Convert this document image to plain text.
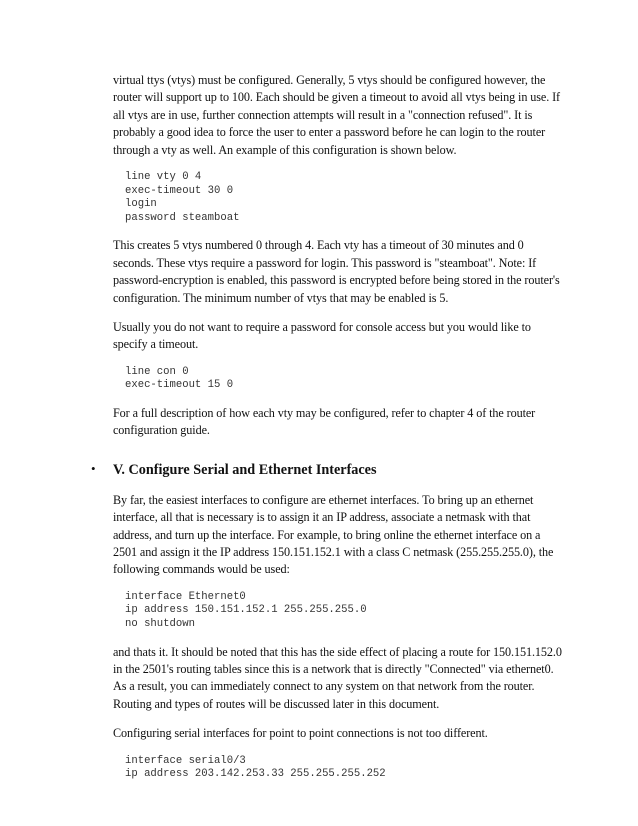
virtual ttys (vtys) must be configured. Generally, 5 vtys should be configured however, the router will support up to 100. Each should be given a timeout to avoid all vtys being in use. If all vtys are in use, further connection attempts will result in a "connection refused". It is probably a good idea to force the user to enter a password before he can login to the router through a vty as well. An example of this configuration is shown below.

line vty 0 4
exec-timeout 30 0
login
password steamboat

This creates 5 vtys numbered 0 through 4. Each vty has a timeout of 30 minutes and 0 seconds. These vtys require a password for login. This password is "steamboat". Note: If password-encryption is enabled, this password is encrypted before being stored in the router's configuration. The minimum number of vtys that may be enabled is 5.

Usually you do not want to require a password for console access but you would like to specify a timeout.

line con 0
exec-timeout 15 0

For a full description of how each vty may be configured, refer to chapter 4 of the router configuration guide.

• V. Configure Serial and Ethernet Interfaces

By far, the easiest interfaces to configure are ethernet interfaces. To bring up an ethernet interface, all that is necessary is to assign it an IP address, associate a netmask with that address, and turn up the interface. For example, to bring online the ethernet interface on a 2501 and assign it the IP address 150.151.152.1 with a class C netmask (255.255.255.0), the following commands would be used:

interface Ethernet0
ip address 150.151.152.1 255.255.255.0
no shutdown

and thats it. It should be noted that this has the side effect of placing a route for 150.151.152.0 in the 2501's routing tables since this is a network that is directly "Connected" via ethernet0. As a result, you can immediately connect to any system on that network from the router. Routing and types of routes will be discussed later in this document.

Configuring serial interfaces for point to point connections is not too different.

interface serial0/3
ip address 203.142.253.33 255.255.255.252
